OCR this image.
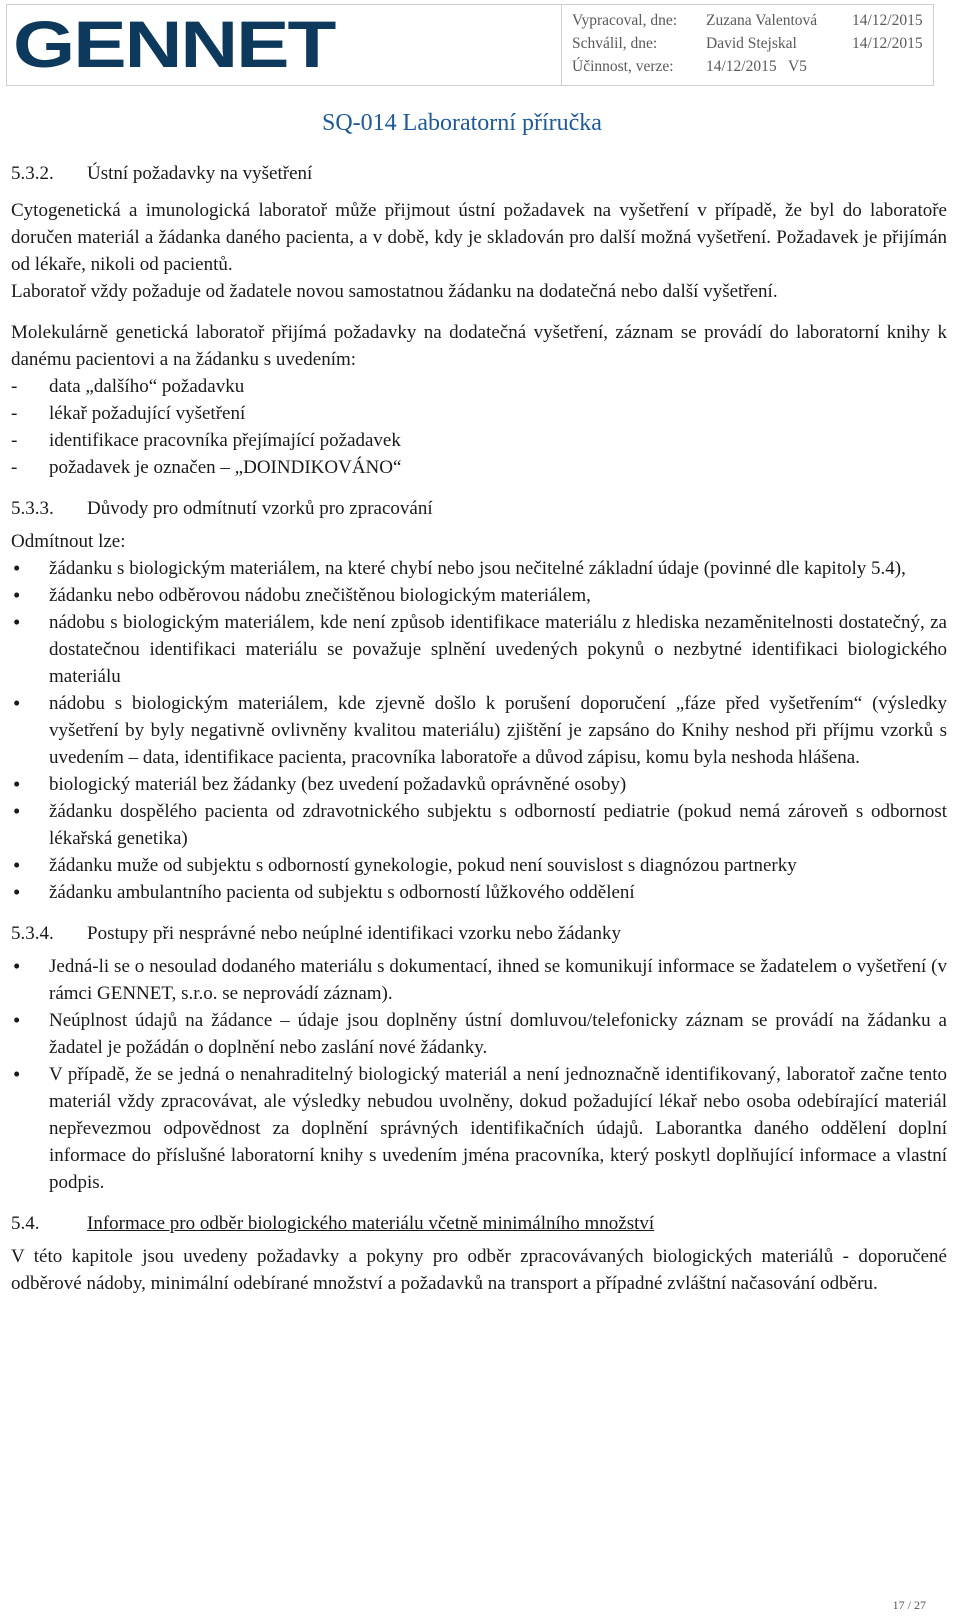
GENNET	Vypracoval, dne:	Zuzana Valentová	14/12/2015
Schválil, dne:	David Stejskal	14/12/2015
Účinnost, verze:	14/12/2015   V5
SQ-014 Laboratorní příručka
5.3.2.	Ústní požadavky na vyšetření

Cytogenetická a imunologická laboratoř může přijmout ústní požadavek na vyšetření v případě, že byl do laboratoře doručen materiál a žádanka daného pacienta, a v době, kdy je skladován pro další možná vyšetření. Požadavek je přijímán od lékaře, nikoli od pacientů.

Laboratoř vždy požaduje od žadatele novou samostatnou žádanku na dodatečná nebo další vyšetření.

Molekulárně genetická laboratoř přijímá požadavky na dodatečná vyšetření, záznam se provádí do laboratorní knihy k danému pacientovi a na žádanku s uvedením:

-	data „dalšího“ požadavku
-	lékař požadující vyšetření
-	identifikace pracovníka přejímající požadavek
-	požadavek je označen – „DOINDIKOVÁNO“
5.3.3.	Důvody pro odmítnutí vzorků pro zpracování

Odmítnout lze:

• žádanku s biologickým materiálem, na které chybí nebo jsou nečitelné základní údaje (povinné dle kapitoly 5.4),
• žádanku nebo odběrovou nádobu znečištěnou biologickým materiálem,
• nádobu s biologickým materiálem, kde není způsob identifikace materiálu z hlediska nezaměnitelnosti dostatečný, za dostatečnou identifikaci materiálu se považuje splnění uvedených pokynů o nezbytné identifikaci biologického materiálu
• nádobu s biologickým materiálem, kde zjevně došlo k porušení doporučení „fáze před vyšetřením“ (výsledky vyšetření by byly negativně ovlivněny kvalitou materiálu) zjištění je zapsáno do Knihy neshod při příjmu vzorků s uvedením – data, identifikace pacienta, pracovníka laboratoře a důvod zápisu, komu byla neshoda hlášena.
• biologický materiál bez žádanky (bez uvedení požadavků oprávněné osoby)
• žádanku dospělého pacienta od zdravotnického subjektu s odborností pediatrie (pokud nemá zároveň s odbornost lékařská genetika)
• žádanku muže od subjektu s odborností gynekologie, pokud není souvislost s diagnózou partnerky
• žádanku ambulantního pacienta od subjektu s odborností lůžkového oddělení
5.3.4.	Postupy při nesprávné nebo neúplné identifikaci vzorku nebo žádanky
• Jedná-li se o nesoulad dodaného materiálu s dokumentací, ihned se komunikují informace se žadatelem o vyšetření (v rámci GENNET, s.r.o. se neprovádí záznam).
• Neúplnost údajů na žádance – údaje jsou doplněny ústní domluvou/telefonicky záznam se provádí na žádanku a žadatel je požádán o doplnění nebo zaslání nové žádanky.
• V případě, že se jedná o nenahraditelný biologický materiál a není jednoznačně identifikovaný, laboratoř začne tento materiál vždy zpracovávat, ale výsledky nebudou uvolněny, dokud požadující lékař nebo osoba odebírající materiál nepřevezmou odpovědnost za doplnění správných identifikačních údajů. Laborantka daného oddělení doplní informace do příslušné laboratorní knihy s uvedením jména pracovníka, který poskytl doplňující informace a vlastní podpis.
5.4.	Informace pro odběr biologického materiálu včetně minimálního množství

V této kapitole jsou uvedeny požadavky a pokyny pro odběr zpracovávaných biologických materiálů - doporučené odběrové nádoby, minimální odebírané množství a požadavků na transport a případné zvláštní načasování odběru.

17 / 27
